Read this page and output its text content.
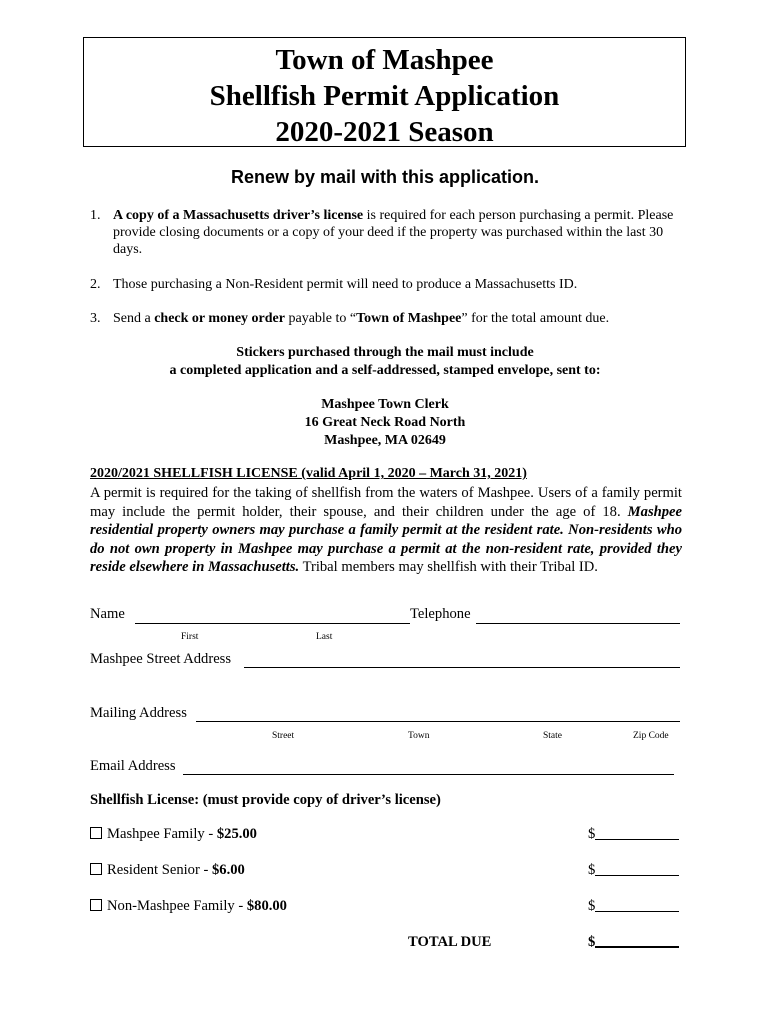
Town of Mashpee
Shellfish Permit Application
2020-2021 Season
Renew by mail with this application.
1. A copy of a Massachusetts driver’s license is required for each person purchasing a permit. Please provide closing documents or a copy of your deed if the property was purchased within the last 30 days.
2. Those purchasing a Non-Resident permit will need to produce a Massachusetts ID.
3. Send a check or money order payable to “Town of Mashpee” for the total amount due.
Stickers purchased through the mail must include
a completed application and a self-addressed, stamped envelope, sent to:
Mashpee Town Clerk
16 Great Neck Road North
Mashpee, MA 02649
2020/2021 SHELLFISH LICENSE (valid April 1, 2020 – March 31, 2021)
A permit is required for the taking of shellfish from the waters of Mashpee. Users of a family permit may include the permit holder, their spouse, and their children under the age of 18. Mashpee residential property owners may purchase a family permit at the resident rate. Non-residents who do not own property in Mashpee may purchase a permit at the non-resident rate, provided they reside elsewhere in Massachusetts. Tribal members may shellfish with their Tribal ID.
Name	Telephone
First	Last
Mashpee Street Address
Mailing Address
Street	Town	State	Zip Code
Email Address
Shellfish License: (must provide copy of driver’s license)
Mashpee Family - $25.00	$
Resident Senior - $6.00	$
Non-Mashpee Family - $80.00	$
TOTAL DUE	$
